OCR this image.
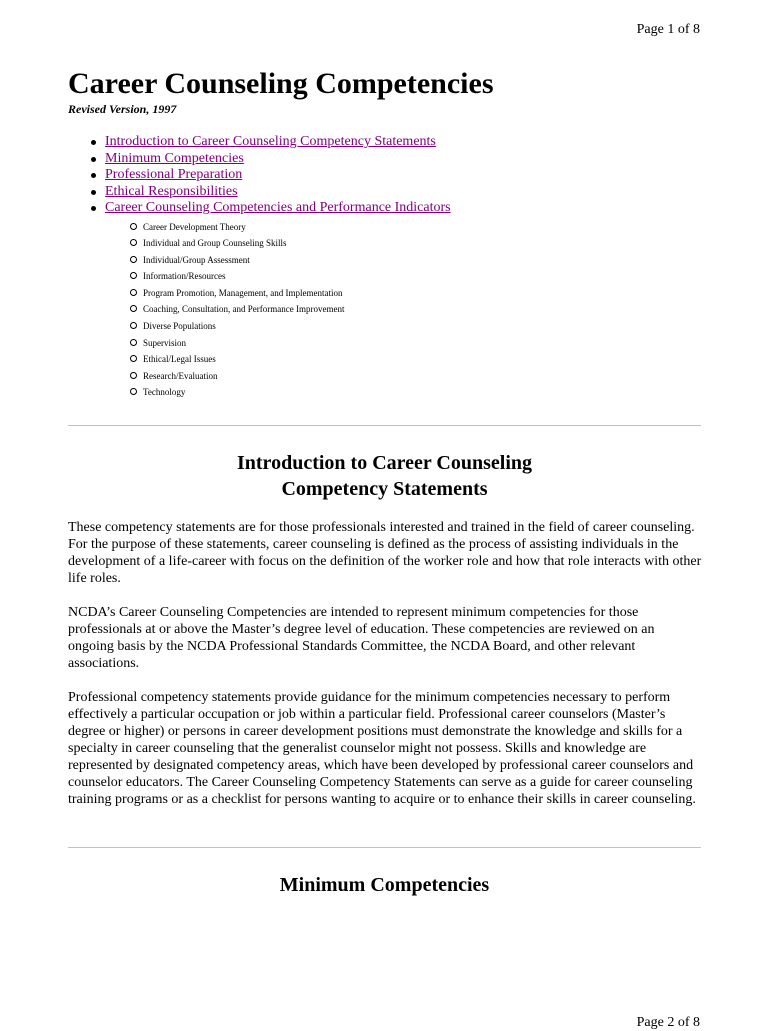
Page 1 of 8
Career Counseling Competencies
Revised Version, 1997
Introduction to Career Counseling Competency Statements
Minimum Competencies
Professional Preparation
Ethical Responsibilities
Career Counseling Competencies and Performance Indicators
Career Development Theory
Individual and Group Counseling Skills
Individual/Group Assessment
Information/Resources
Program Promotion, Management, and Implementation
Coaching, Consultation, and Performance Improvement
Diverse Populations
Supervision
Ethical/Legal Issues
Research/Evaluation
Technology
Introduction to Career Counseling
Competency Statements

These competency statements are for those professionals interested and trained in the field of career counseling. For the purpose of these statements, career counseling is defined as the process of assisting individuals in the development of a life-career with focus on the definition of the worker role and how that role interacts with other life roles.

NCDA’s Career Counseling Competencies are intended to represent minimum competencies for those professionals at or above the Master’s degree level of education. These competencies are reviewed on an ongoing basis by the NCDA Professional Standards Committee, the NCDA Board, and other relevant associations.

Professional competency statements provide guidance for the minimum competencies necessary to perform effectively a particular occupation or job within a particular field. Professional career counselors (Master’s degree or higher) or persons in career development positions must demonstrate the knowledge and skills for a specialty in career counseling that the generalist counselor might not possess. Skills and knowledge are represented by designated competency areas, which have been developed by professional career counselors and counselor educators. The Career Counseling Competency Statements can serve as a guide for career counseling training programs or as a checklist for persons wanting to acquire or to enhance their skills in career counseling.

Minimum Competencies
Page 2 of 8
